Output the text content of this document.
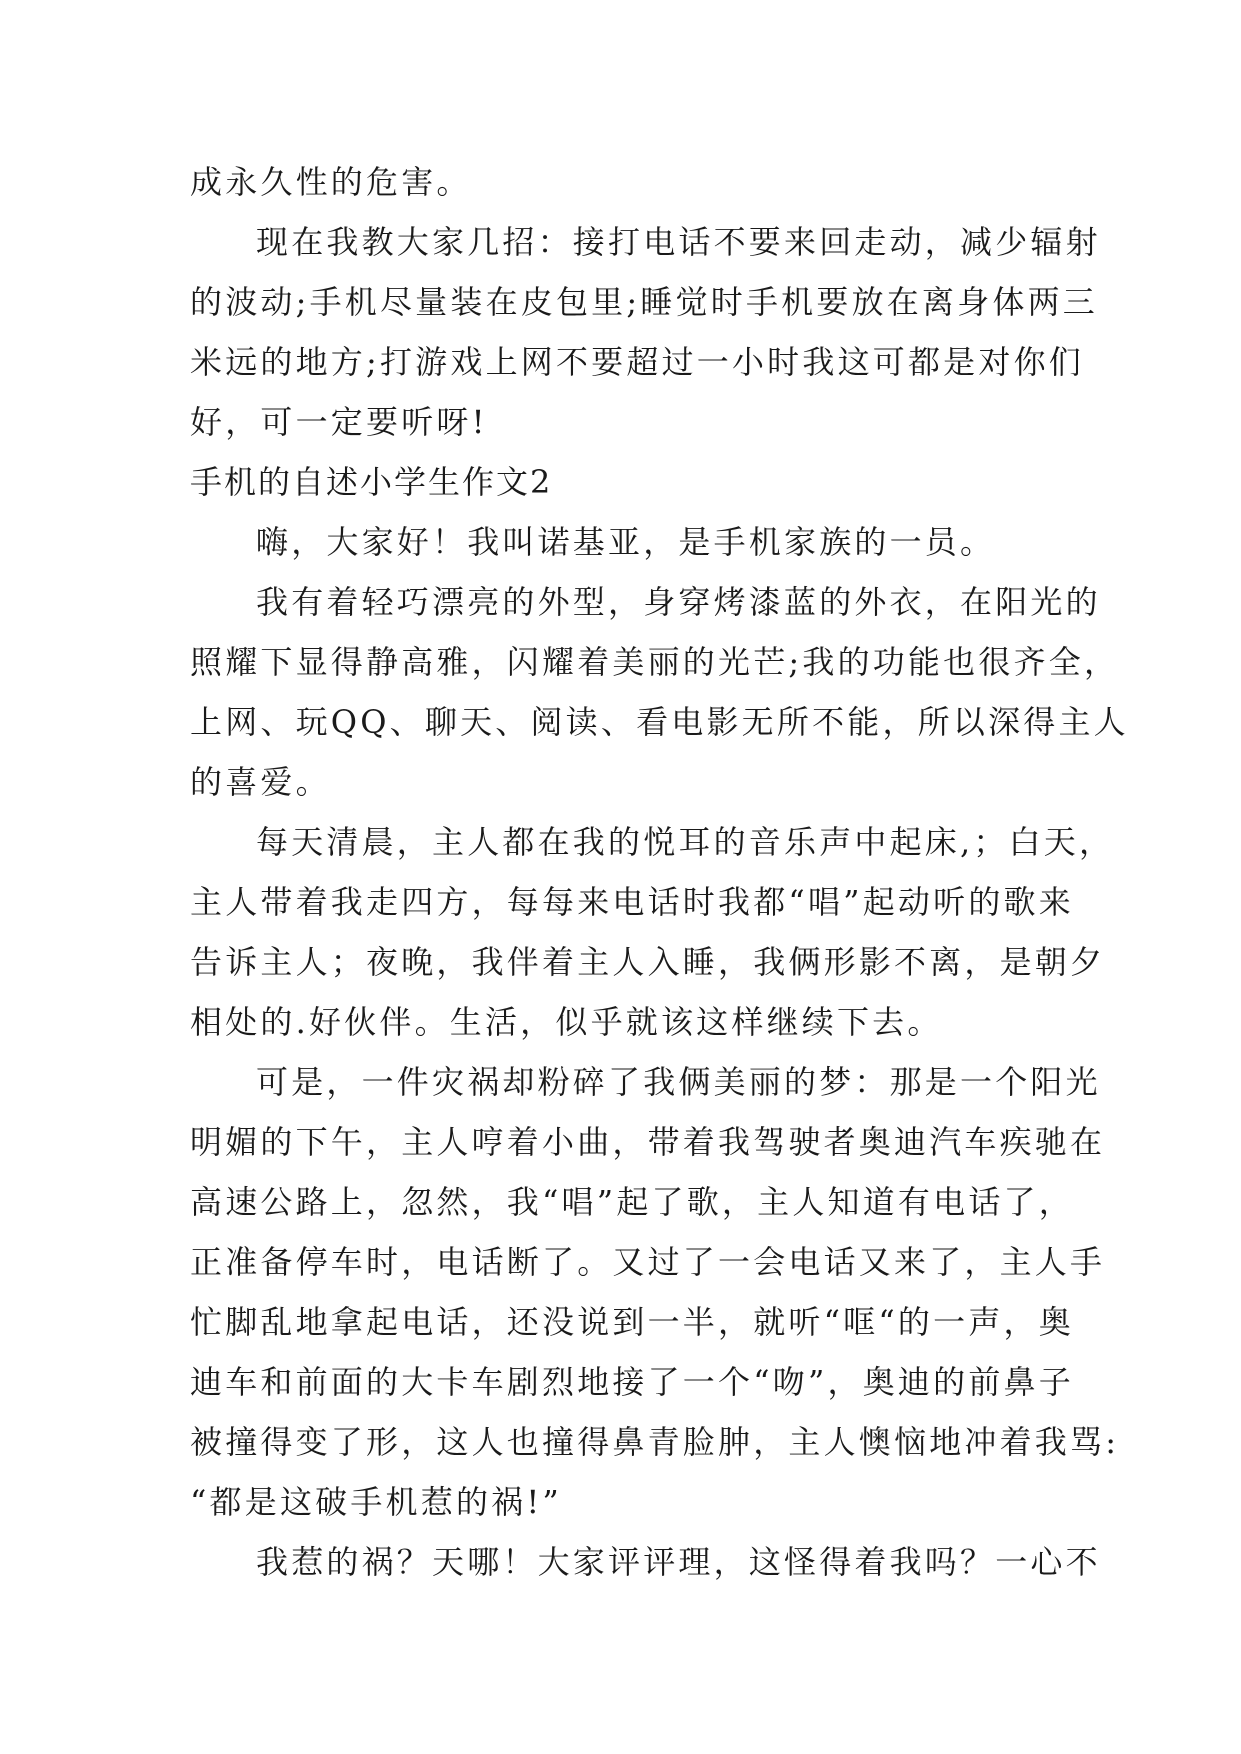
成永久性的危害。
现在我教大家几招：接打电话不要来回走动，减少辐射
的波动;手机尽量装在皮包里;睡觉时手机要放在离身体两三
米远的地方;打游戏上网不要超过一小时我这可都是对你们
好，可一定要听呀!
手机的自述小学生作文2
嗨，大家好！我叫诺基亚，是手机家族的一员。
我有着轻巧漂亮的外型，身穿烤漆蓝的外衣，在阳光的
照耀下显得静高雅，闪耀着美丽的光芒;我的功能也很齐全，
上网、玩QQ、聊天、阅读、看电影无所不能，所以深得主人
的喜爱。
每天清晨，主人都在我的悦耳的音乐声中起床,；白天，
主人带着我走四方，每每来电话时我都“唱”起动听的歌来
告诉主人；夜晚，我伴着主人入睡，我俩形影不离，是朝夕
相处的.好伙伴。生活，似乎就该这样继续下去。
可是，一件灾祸却粉碎了我俩美丽的梦：那是一个阳光
明媚的下午，主人哼着小曲，带着我驾驶者奥迪汽车疾驰在
高速公路上，忽然，我“唱”起了歌，主人知道有电话了，
正准备停车时，电话断了。又过了一会电话又来了，主人手
忙脚乱地拿起电话，还没说到一半，就听“哐“的一声，奥
迪车和前面的大卡车剧烈地接了一个“吻”，奥迪的前鼻子
被撞得变了形，这人也撞得鼻青脸肿，主人懊恼地冲着我骂:
“都是这破手机惹的祸!”
我惹的祸？天哪！大家评评理，这怪得着我吗？一心不
